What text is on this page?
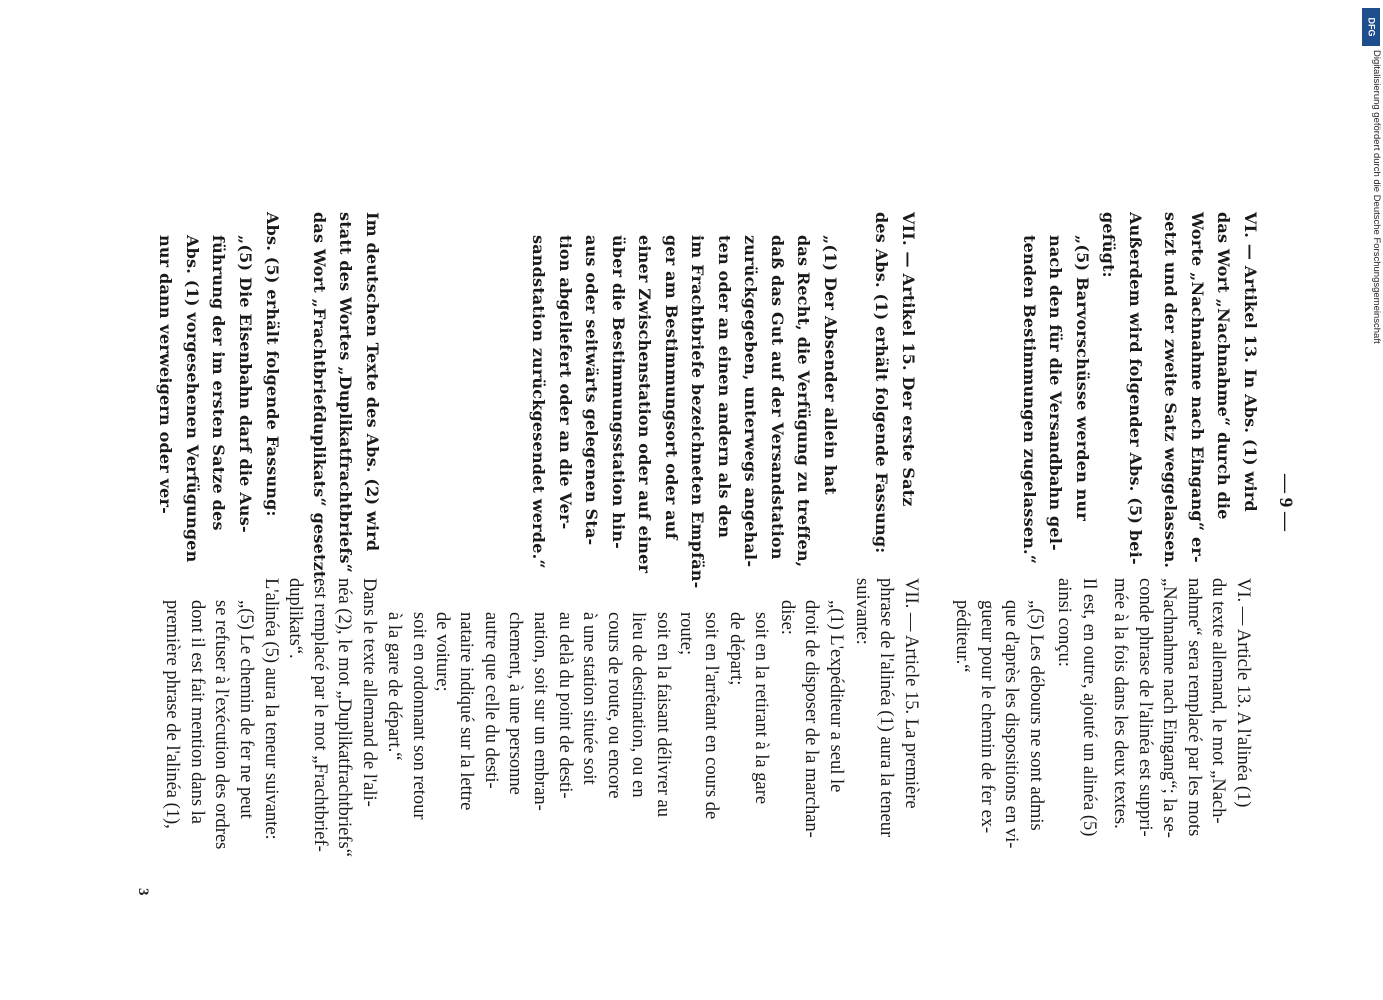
— 9 —
VI. — Artikel 13. In Abs. (1) wird
das Wort „Nachnahme“ durch die
Worte „Nachnahme nach Eingang“ er-
setzt und der zweite Satz weggelassen.
Außerdem wird folgender Abs. (5) bei-
gefügt:
„(5) Barvorschüsse werden nur
nach den für die Versandbahn gel-
tenden Bestimmungen zugelassen.“
VII. — Artikel 15. Der erste Satz
des Abs. (1) erhält folgende Fassung:
„(1) Der Absender allein hat
das Recht, die Verfügung zu treffen,
daß das Gut auf der Versandstation
zurückgegeben, unterwegs angehal-
ten oder an einen andern als den
im Frachtbriefe bezeichneten Empfän-
ger am Bestimmungsort oder auf
einer Zwischenstation oder auf einer
über die Bestimmungsstation hin-
aus oder seitwärts gelegenen Sta-
tion abgeliefert oder an die Ver-
sandstation zurückgesendet werde.“
Im deutschen Texte des Abs. (2) wird
statt des Wortes „Duplikatfrachtbriefs“
das Wort „Frachtbriefduplikats“ gesetzt.
Abs. (5) erhält folgende Fassung:
„(5) Die Eisenbahn darf die Aus-
führung der im ersten Satze des
Abs. (1) vorgesehenen Verfügungen
nur dann verweigern oder ver-
VI. — Article 13. A l'alinéa (1)
du texte allemand, le mot „Nach-
nahme“ sera remplacé par les mots
„Nachnahme nach Eingang“; la se-
conde phrase de l'alinéa est suppri-
mée à la fois dans les deux textes.
Il est, en outre, ajouté un alinéa (5)
ainsi conçu:
„(5) Les débours ne sont admis
que d'après les dispositions en vi-
gueur pour le chemin de fer ex-
péditeur.“
VII. — Article 15. La première
phrase de l'alinéa (1) aura la teneur
suivante:
„(1) L'expéditeur a seul le
droit de disposer de la marchan-
dise:
soit en la retirant à la gare
de départ;
soit en l'arrêtant en cours de
route;
soit en la faisant délivrer au
lieu de destination, ou en
cours de route, ou encore
à une station située soit
au delà du point de desti-
nation, soit sur un embran-
chement, à une personne
autre que celle du desti-
nataire indiqué sur la lettre
de voiture;
soit en ordonnant son retour
à la gare de départ.“
Dans le texte allemand de l'ali-
néa (2), le mot „Duplikatfrachtbriefs“
est remplacé par le mot „Frachtbrief-
duplikats“.
L'alinéa (5) aura la teneur suivante:
„(5) Le chemin de fer ne peut
se refuser à l'exécution des ordres
dont il est fait mention dans la
première phrase de l'alinéa (1),
3
DFG
Digitalisierung gefördert durch die Deutsche Forschungsgemeinschaft
